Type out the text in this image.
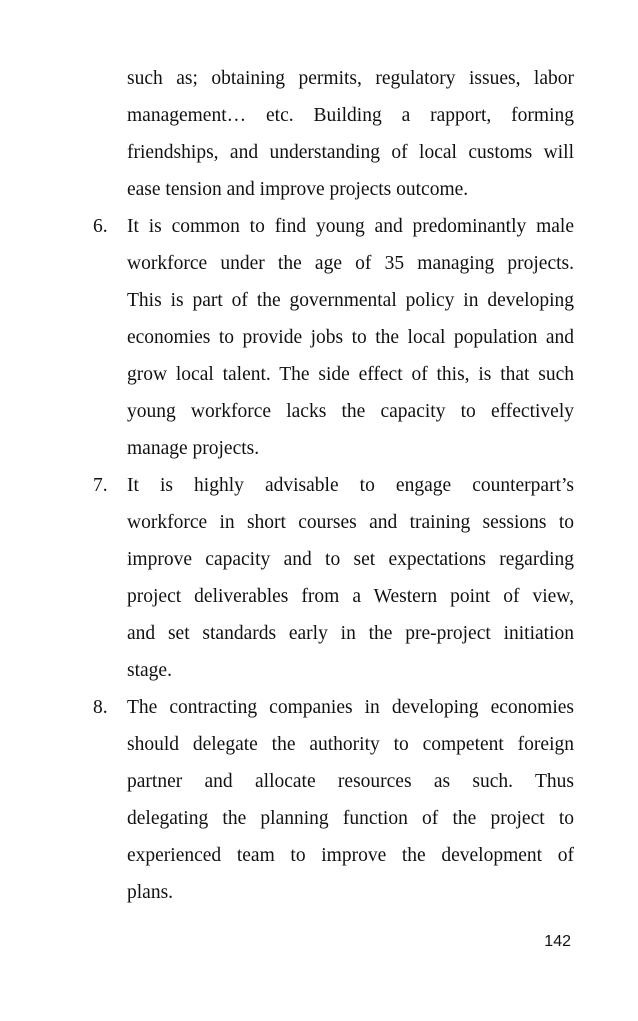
such as; obtaining permits, regulatory issues, labor
management… etc. Building a rapport, forming
friendships, and understanding of local customs will
ease tension and improve projects outcome.
6. It is common to find young and predominantly male
workforce under the age of 35 managing projects.
This is part of the governmental policy in developing
economies to provide jobs to the local population and
grow local talent. The side effect of this, is that such
young workforce lacks the capacity to effectively
manage projects.
7. It is highly advisable to engage counterpart’s
workforce in short courses and training sessions to
improve capacity and to set expectations regarding
project deliverables from a Western point of view,
and set standards early in the pre-project initiation
stage.
8. The contracting companies in developing economies
should delegate the authority to competent foreign
partner and allocate resources as such. Thus
delegating the planning function of the project to
experienced team to improve the development of
plans.
142
